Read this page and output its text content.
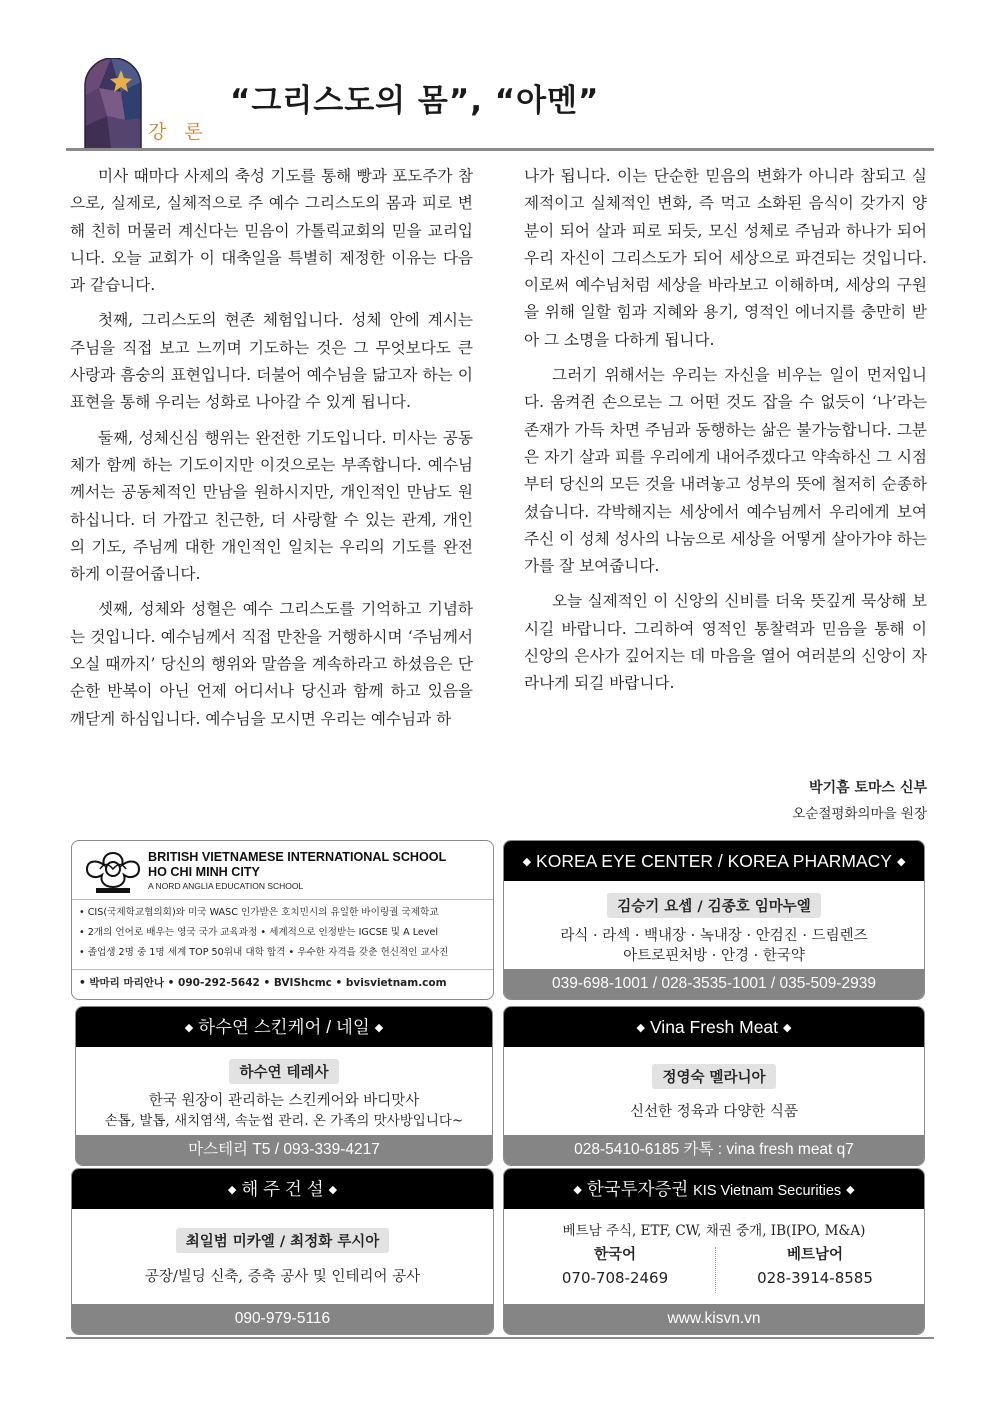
강 론
“그리스도의 몸”, “아멘”

미사 때마다 사제의 축성 기도를 통해 빵과 포도주가 참으로, 실제로, 실체적으로 주 예수 그리스도의 몸과 피로 변해 친히 머물러 계신다는 믿음이 가톨릭교회의 믿을 교리입니다. 오늘 교회가 이 대축일을 특별히 제정한 이유는 다음과 같습니다.

첫째, 그리스도의 현존 체험입니다. 성체 안에 계시는 주님을 직접 보고 느끼며 기도하는 것은 그 무엇보다도 큰 사랑과 흠숭의 표현입니다. 더불어 예수님을 닮고자 하는 이 표현을 통해 우리는 성화로 나아갈 수 있게 됩니다.

둘째, 성체신심 행위는 완전한 기도입니다. 미사는 공동체가 함께 하는 기도이지만 이것으로는 부족합니다. 예수님께서는 공동체적인 만남을 원하시지만, 개인적인 만남도 원하십니다. 더 가깝고 친근한, 더 사랑할 수 있는 관계, 개인의 기도, 주님께 대한 개인적인 일치는 우리의 기도를 완전하게 이끌어줍니다.

셋째, 성체와 성혈은 예수 그리스도를 기억하고 기념하는 것입니다. 예수님께서 직접 만찬을 거행하시며 ‘주님께서 오실 때까지’ 당신의 행위와 말씀을 계속하라고 하셨음은 단순한 반복이 아닌 언제 어디서나 당신과 함께 하고 있음을 깨닫게 하심입니다. 예수님을 모시면 우리는 예수님과 하

나가 됩니다. 이는 단순한 믿음의 변화가 아니라 참되고 실제적이고 실체적인 변화, 즉 먹고 소화된 음식이 갖가지 양분이 되어 살과 피로 되듯, 모신 성체로 주님과 하나가 되어 우리 자신이 그리스도가 되어 세상으로 파견되는 것입니다. 이로써 예수님처럼 세상을 바라보고 이해하며, 세상의 구원을 위해 일할 힘과 지혜와 용기, 영적인 에너지를 충만히 받아 그 소명을 다하게 됩니다.

그러기 위해서는 우리는 자신을 비우는 일이 먼저입니다. 움켜쥔 손으로는 그 어떤 것도 잡을 수 없듯이 ‘나’라는 존재가 가득 차면 주님과 동행하는 삶은 불가능합니다. 그분은 자기 살과 피를 우리에게 내어주겠다고 약속하신 그 시점부터 당신의 모든 것을 내려놓고 성부의 뜻에 철저히 순종하셨습니다. 각박해지는 세상에서 예수님께서 우리에게 보여주신 이 성체 성사의 나눔으로 세상을 어떻게 살아가야 하는가를 잘 보여줍니다.

오늘 실제적인 이 신앙의 신비를 더욱 뜻깊게 묵상해 보시길 바랍니다. 그리하여 영적인 통찰력과 믿음을 통해 이 신앙의 은사가 깊어지는 데 마음을 열어 여러분의 신앙이 자라나게 되길 바랍니다.

박기흠 토마스 신부
오순절평화의마을 원장
BRITISH VIETNAMESE INTERNATIONAL SCHOOL
HO CHI MINH CITY
A NORD ANGLIA EDUCATION SCHOOL
• CIS(국제학교협의회)와 미국 WASC 인가받은 호치민시의 유일한 바이링궐 국제학교
• 2개의 언어로 배우는 영국 국가 교육과정 • 세계적으로 인정받는 IGCSE 및 A Level
• 졸업생 2명 중 1명 세계 TOP 50위내 대학 합격 • 우수한 자격을 갖춘 헌신적인 교사진
• 박마리 마리안나 • 090-292-5642 • BVIShcmc • bvisvietnam.com
◆ KOREA EYE CENTER / KOREA PHARMACY ◆
김승기 요셉 / 김종호 임마누엘
라식 · 라섹 · 백내장 · 녹내장 · 안검진 · 드림렌즈
아트로핀처방 · 안경 · 한국약
039-698-1001 / 028-3535-1001 / 035-509-2939
◆ 하수연 스킨케어 / 네일 ◆
하수연 테레사
한국 원장이 관리하는 스킨케어와 바디맛사
손톱, 발톱, 새치염색, 속눈썹 관리. 온 가족의 맛사방입니다~
마스테리 T5 / 093-339-4217
◆ Vina Fresh Meat ◆
정영숙 멜라니아
신선한 정육과 다양한 식품
028-5410-6185 카톡 : vina fresh meat q7
◆ 해 주 건 설 ◆
최일범 미카엘 / 최정화 루시아
공장/빌딩 신축, 증축 공사 및 인테리어 공사
090-979-5116
◆ 한국투자증권 KIS Vietnam Securities ◆
베트남 주식, ETF, CW, 채권 중개, IB(IPO, M&A)
한국어
070-708-2469
베트남어
028-3914-8585
www.kisvn.vn
